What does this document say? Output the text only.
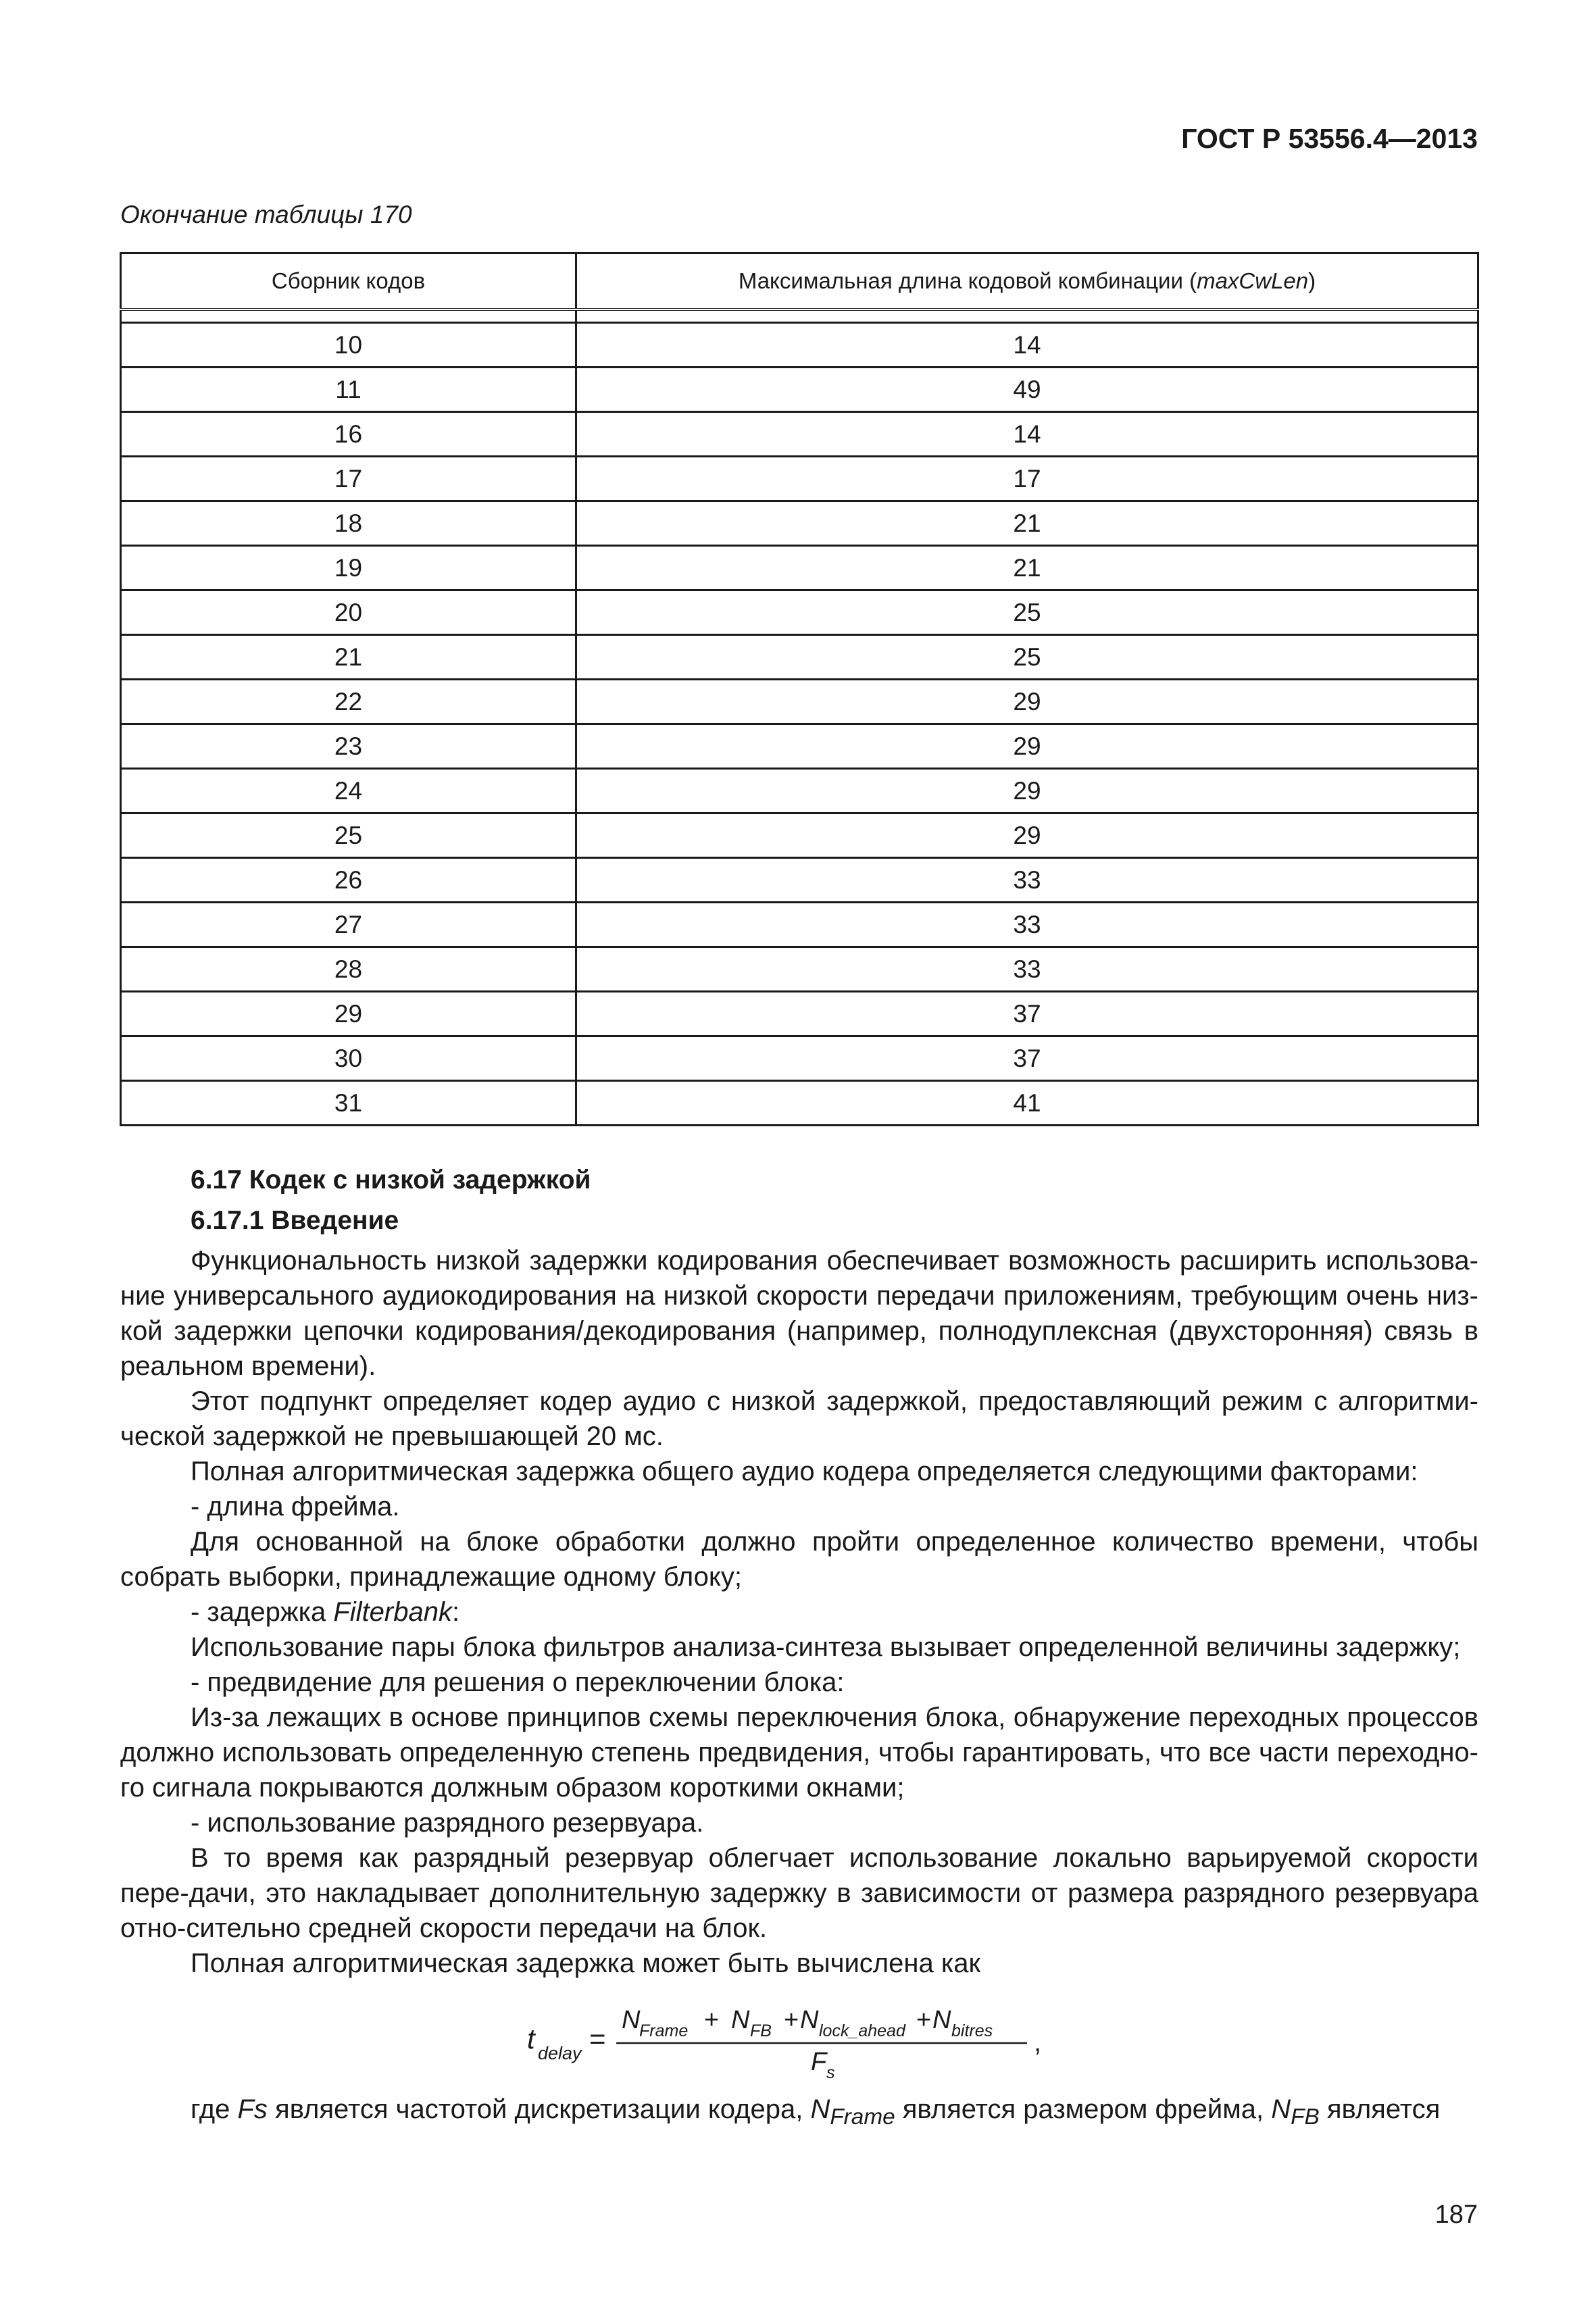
ГОСТ Р 53556.4—2013
Окончание таблицы 170
Сборник кодов	Максимальная длина кодовой комбинации (maxCwLen)

10	14
11	49
16	14
17	17
18	21
19	21
20	25
21	25
22	29
23	29
24	29
25	29
26	33
27	33
28	33
29	37
30	37
31	41
6.17 Кодек с низкой задержкой
6.17.1 Введение

Функциональность низкой задержки кодирования обеспечивает возможность расширить использова-ние универсального аудиокодирования на низкой скорости передачи приложениям, требующим очень низ-кой задержки цепочки кодирования/декодирования (например, полнодуплексная (двухсторонняя) связь в реальном времени).

Этот подпункт определяет кодер аудио с низкой задержкой, предоставляющий режим с алгоритми-ческой задержкой не превышающей 20 мс.

Полная алгоритмическая задержка общего аудио кодера определяется следующими факторами:

- длина фрейма.

Для основанной на блоке обработки должно пройти определенное количество времени, чтобы собрать выборки, принадлежащие одному блоку;

- задержка Filterbank:

Использование пары блока фильтров анализа-синтеза вызывает определенной величины задержку;

- предвидение для решения о переключении блока:

Из-за лежащих в основе принципов схемы переключения блока, обнаружение переходных процессов должно использовать определенную степень предвидения, чтобы гарантировать, что все части переходно-го сигнала покрываются должным образом короткими окнами;

- использование разрядного резервуара.

В то время как разрядный резервуар облегчает использование локально варьируемой скорости пере-дачи, это накладывает дополнительную задержку в зависимости от размера разрядного резервуара отно-сительно средней скорости передачи на блок.

Полная алгоритмическая задержка может быть вычислена как

t delay =
N
Frame + N FB + N lock_ahead + N bitres
F s
,

где Fs является частотой дискретизации кодера, $N_{Frame}$ является размером фрейма, $N_{FB}$ является

187
